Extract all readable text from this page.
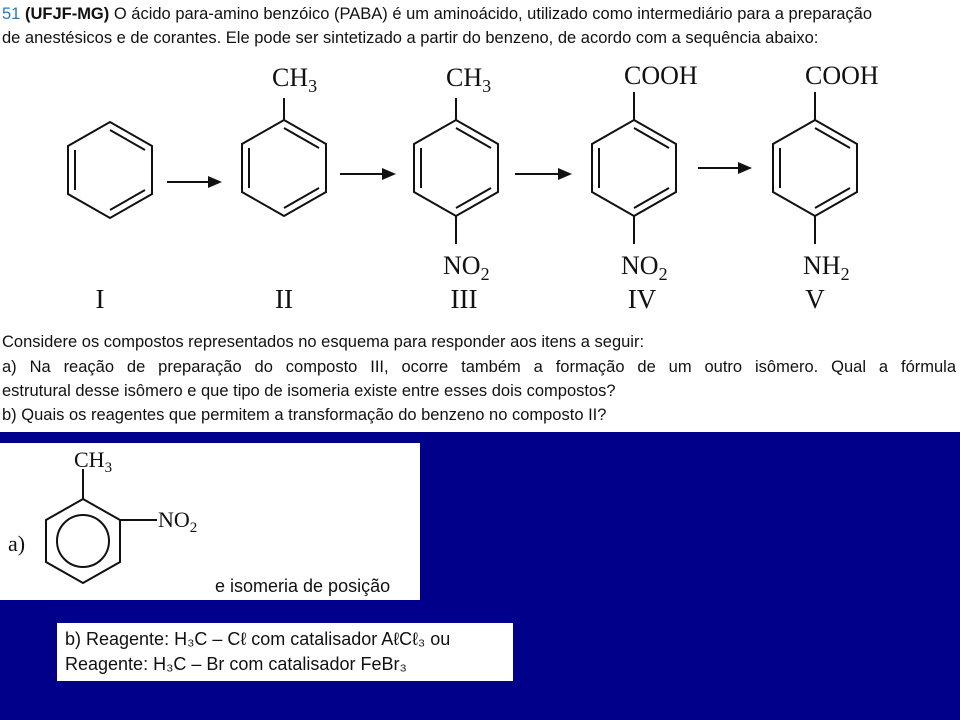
51 (UFJF-MG) O ácido para-amino benzóico (PABA) é um aminoácido, utilizado como intermediário para a preparação
de anestésicos e de corantes. Ele pode ser sintetizado a partir do benzeno, de acordo com a sequência abaixo:
$CH_3$	$CH_3$
$NO_2$
COOH
$NO_2$
COOH
$NH_2$
I	II	III	IV	V
Considere os compostos representados no esquema para responder aos itens a seguir:
a) Na reação de preparação do composto III, ocorre também a formação de um outro isômero. Qual a fórmula
estrutural desse isômero e que tipo de isomeria existe entre esses dois compostos?
b) Quais os reagentes que permitem a transformação do benzeno no composto II?
a)
$CH_3$
$NO_2$
e isomeria de posição
b) Reagente: H₃C – Cℓ com catalisador AℓCℓ₃ ou
Reagente: H₃C – Br com catalisador FeBr₃
